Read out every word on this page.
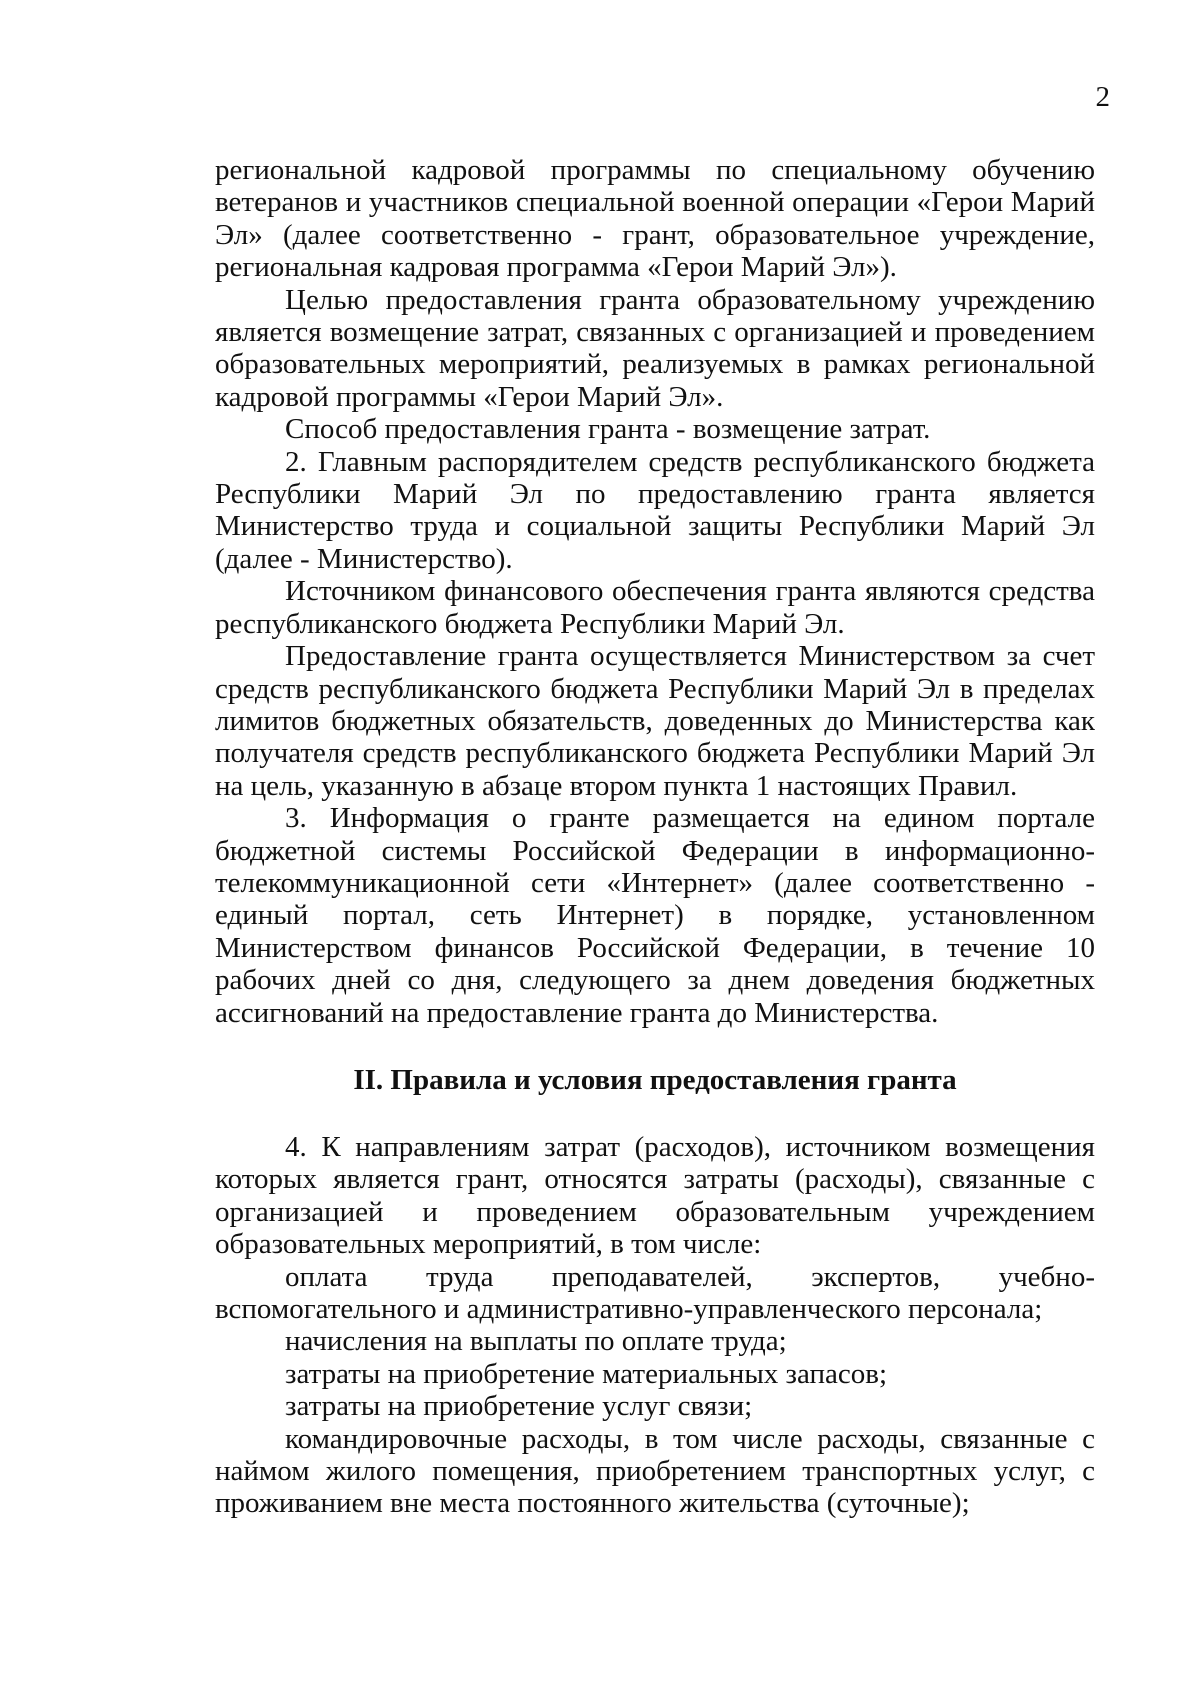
2

региональной кадровой программы по специальному обучению ветеранов и участников специальной военной операции «Герои Марий Эл» (далее соответственно - грант, образовательное учреждение, региональная кадровая программа «Герои Марий Эл»).

Целью предоставления гранта образовательному учреждению является возмещение затрат, связанных с организацией и проведением образовательных мероприятий, реализуемых в рамках региональной кадровой программы «Герои Марий Эл».

Способ предоставления гранта - возмещение затрат.

2. Главным распорядителем средств республиканского бюджета Республики Марий Эл по предоставлению гранта является Министерство труда и социальной защиты Республики Марий Эл (далее - Министерство).

Источником финансового обеспечения гранта являются средства республиканского бюджета Республики Марий Эл.

Предоставление гранта осуществляется Министерством за счет средств республиканского бюджета Республики Марий Эл в пределах лимитов бюджетных обязательств, доведенных до Министерства как получателя средств республиканского бюджета Республики Марий Эл на цель, указанную в абзаце втором пункта 1 настоящих Правил.

3. Информация о гранте размещается на едином портале бюджетной системы Российской Федерации в информационно-телекоммуникационной сети «Интернет» (далее соответственно - единый портал, сеть Интернет) в порядке, установленном Министерством финансов Российской Федерации, в течение 10 рабочих дней со дня, следующего за днем доведения бюджетных ассигнований на предоставление гранта до Министерства.

II. Правила и условия предоставления гранта

4. К направлениям затрат (расходов), источником возмещения которых является грант, относятся затраты (расходы), связанные с организацией и проведением образовательным учреждением образовательных мероприятий, в том числе:

оплата труда преподавателей, экспертов, учебно-вспомогательного и административно-управленческого персонала;

начисления на выплаты по оплате труда;

затраты на приобретение материальных запасов;

затраты на приобретение услуг связи;

командировочные расходы, в том числе расходы, связанные с наймом жилого помещения, приобретением транспортных услуг, с проживанием вне места постоянного жительства (суточные);
